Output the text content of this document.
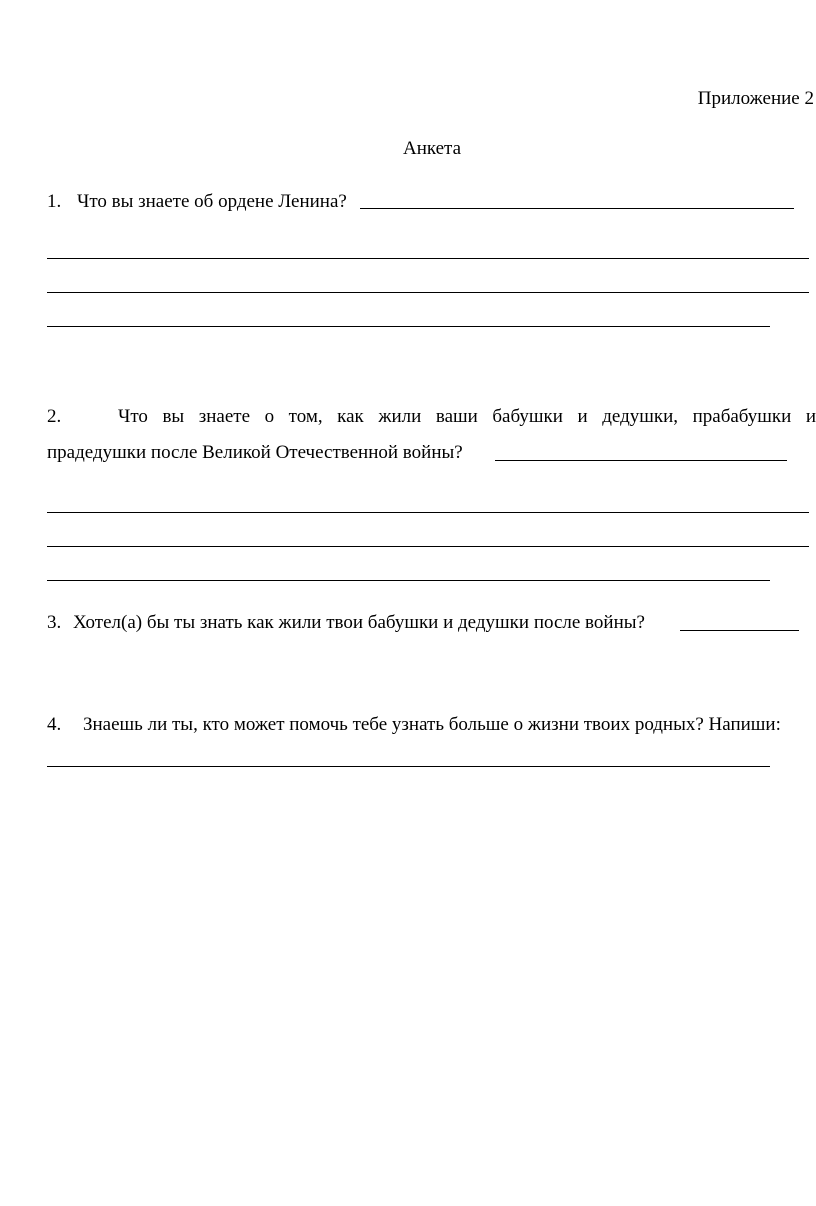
Приложение 2

Анкета

1. Что вы знаете об ордене Ленина?
2.	Что вы знаете о том, как жили ваши бабушки и дедушки, прабабушки и
прадедушки после Великой Отечественной войны?
3. Хотел(а) бы ты знать как жили твои бабушки и дедушки после войны?
4. Знаешь ли ты, кто может помочь тебе узнать больше о жизни твоих родных? Напиши:
